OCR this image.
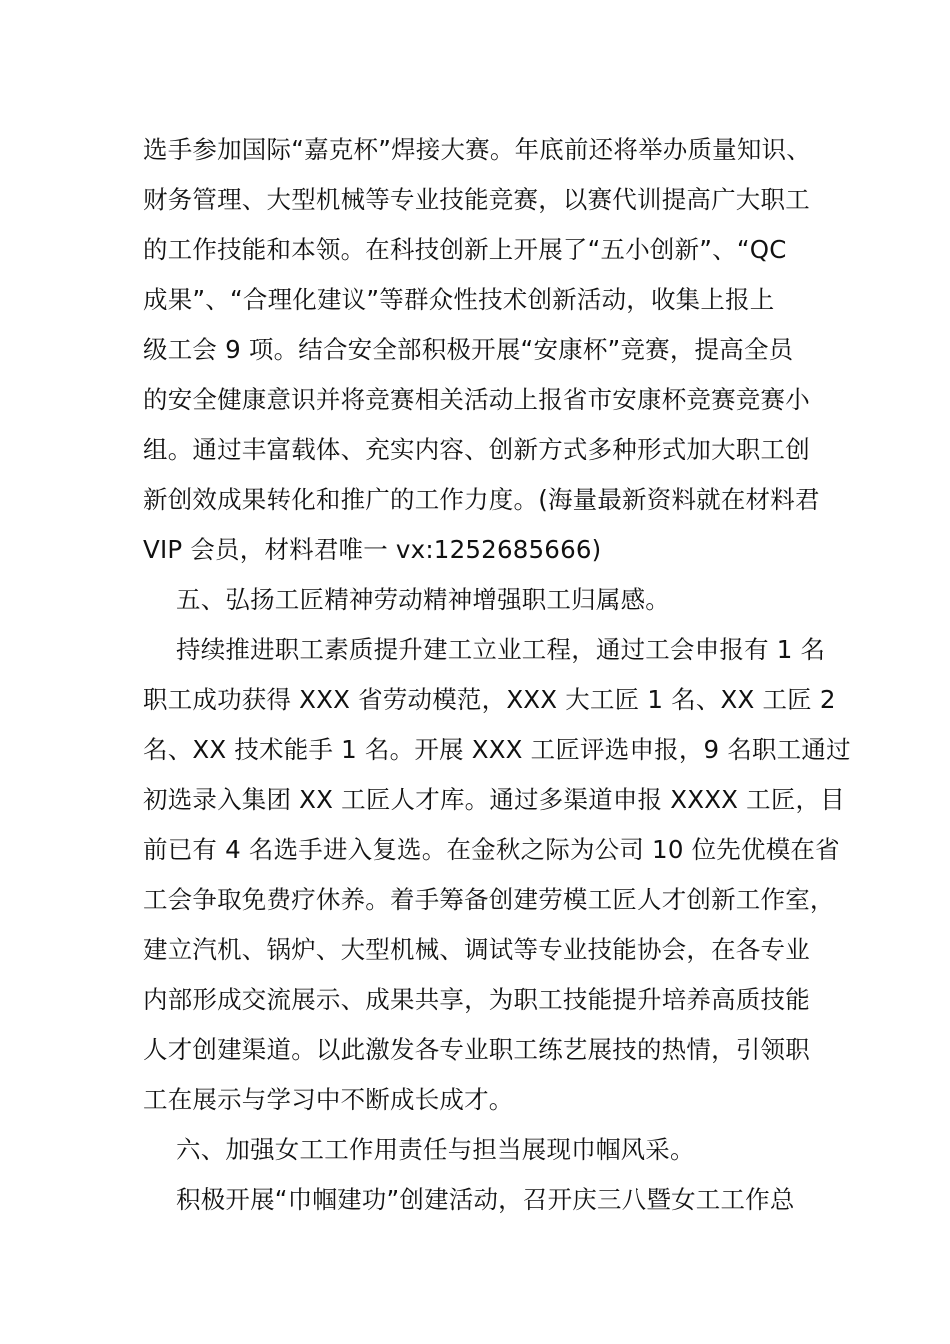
选手参加国际“嘉克杯”焊接大赛。年底前还将举办质量知识、
财务管理、大型机械等专业技能竞赛，以赛代训提高广大职工
的工作技能和本领。在科技创新上开展了“五小创新”、“QC
成果”、“合理化建议”等群众性技术创新活动，收集上报上
级工会 9 项。结合安全部积极开展“安康杯”竞赛，提高全员
的安全健康意识并将竞赛相关活动上报省市安康杯竞赛竞赛小
组。通过丰富载体、充实内容、创新方式多种形式加大职工创
新创效成果转化和推广的工作力度。(海量最新资料就在材料君
VIP 会员，材料君唯一 vx:1252685666)
五、弘扬工匠精神劳动精神增强职工归属感。
持续推进职工素质提升建工立业工程，通过工会申报有 1 名
职工成功获得 XXX 省劳动模范，XXX 大工匠 1 名、XX 工匠 2
名、XX 技术能手 1 名。开展 XXX 工匠评选申报，9 名职工通过
初选录入集团 XX 工匠人才库。通过多渠道申报 XXXX 工匠，目
前已有 4 名选手进入复选。在金秋之际为公司 10 位先优模在省
工会争取免费疗休养。着手筹备创建劳模工匠人才创新工作室，
建立汽机、锅炉、大型机械、调试等专业技能协会，在各专业
内部形成交流展示、成果共享，为职工技能提升培养高质技能
人才创建渠道。以此激发各专业职工练艺展技的热情，引领职
工在展示与学习中不断成长成才。
六、加强女工工作用责任与担当展现巾帼风采。
积极开展“巾帼建功”创建活动，召开庆三八暨女工工作总
